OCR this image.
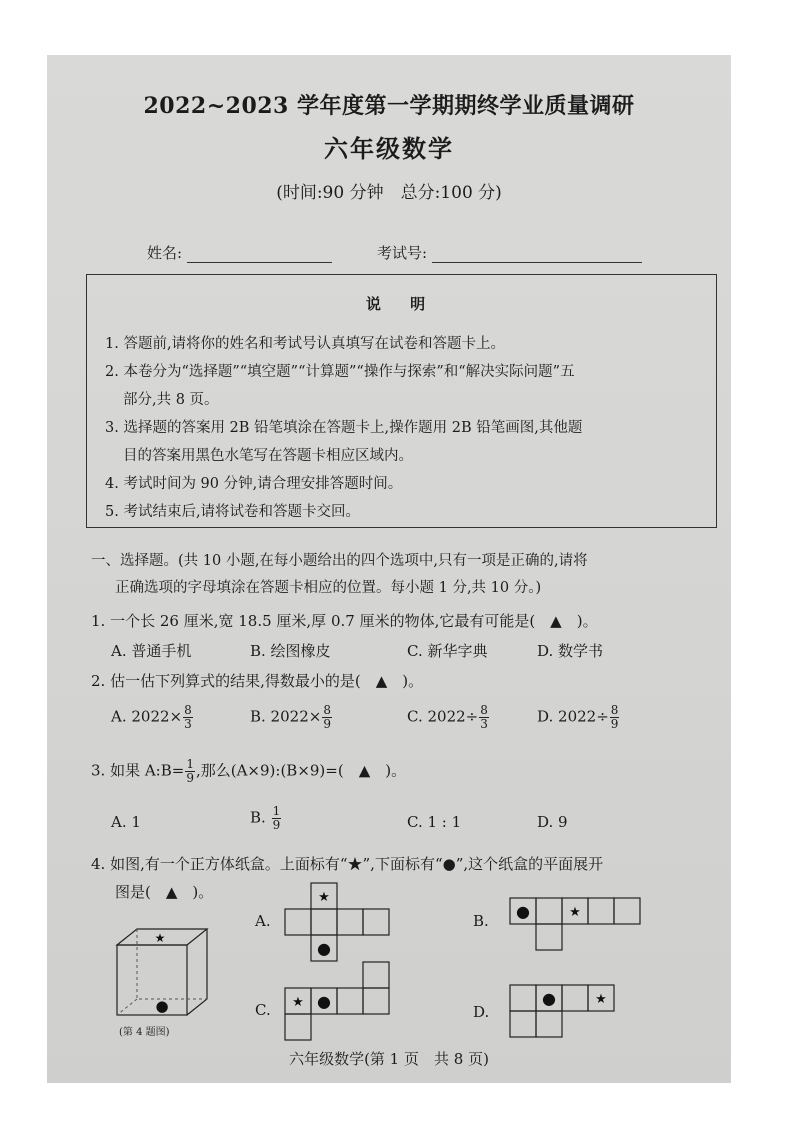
2022~2023 学年度第一学期期终学业质量调研
六年级数学
(时间:90 分钟　总分:100 分)
姓名:	考试号:
说 明
1. 答题前,请将你的姓名和考试号认真填写在试卷和答题卡上。
2. 本卷分为“选择题”“填空题”“计算题”“操作与探索”和“解决实际问题”五
部分,共 8 页。
3. 选择题的答案用 2B 铅笔填涂在答题卡上,操作题用 2B 铅笔画图,其他题
目的答案用黑色水笔写在答题卡相应区域内。
4. 考试时间为 90 分钟,请合理安排答题时间。
5. 考试结束后,请将试卷和答题卡交回。
一、选择题。(共 10 小题,在每小题给出的四个选项中,只有一项是正确的,请将
正确选项的字母填涂在答题卡相应的位置。每小题 1 分,共 10 分。)
1. 一个长 26 厘米,宽 18.5 厘米,厚 0.7 厘米的物体,它最有可能是(　▲　)。
A. 普通手机	B. 绘图橡皮	C. 新华字典	D. 数学书
2. 估一估下列算式的结果,得数最小的是(　▲　)。
A. $2022\times \frac{8}{3}$	B. $2022\times \frac{8}{9}$	C. $2022\div \frac{8}{3}$	D. $2022\div \frac{8}{9}$
3. 如果 A:B= $\frac{1}{9}$ ,那么(A×9):(B×9)=(　▲　)。
A. 1	B. $\frac{1}{9}$	C. 1 : 1	D. 9
4. 如图,有一个正方体纸盒。上面标有“★”,下面标有“●”,这个纸盒的平面展开
图是(　▲　)。
★
●
(第 4 题图)
A.
★
●
B. ●	★
C. ★ ●
D.
●	★
六年级数学(第 1 页　共 8 页)
